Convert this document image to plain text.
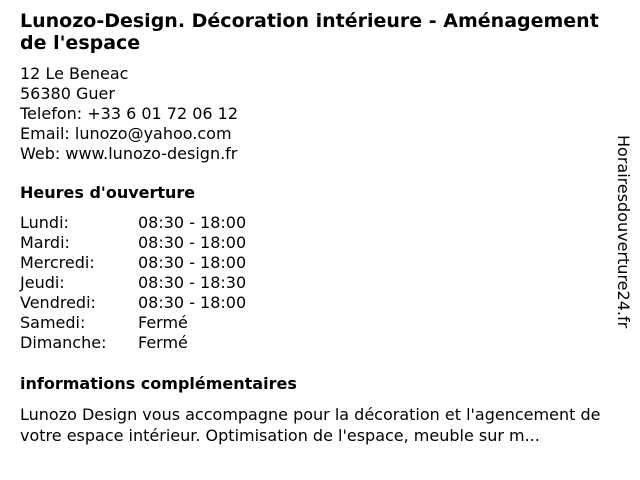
Lunozo-Design. Décoration intérieure - Aménagement de l'espace
12 Le Beneac
56380 Guer
Telefon: +33 6 01 72 06 12
Email: lunozo@yahoo.com
Web: www.lunozo-design.fr
Heures d'ouverture
Lundi:	08:30 - 18:00
Mardi:	08:30 - 18:00
Mercredi:	08:30 - 18:00
Jeudi:	08:30 - 18:30
Vendredi:	08:30 - 18:00
Samedi:	Fermé
Dimanche:	Fermé
informations complémentaires
Lunozo Design vous accompagne pour la décoration et l'agencement de votre espace intérieur. Optimisation de l'espace, meuble sur m...
Horairesdouverture24.fr
